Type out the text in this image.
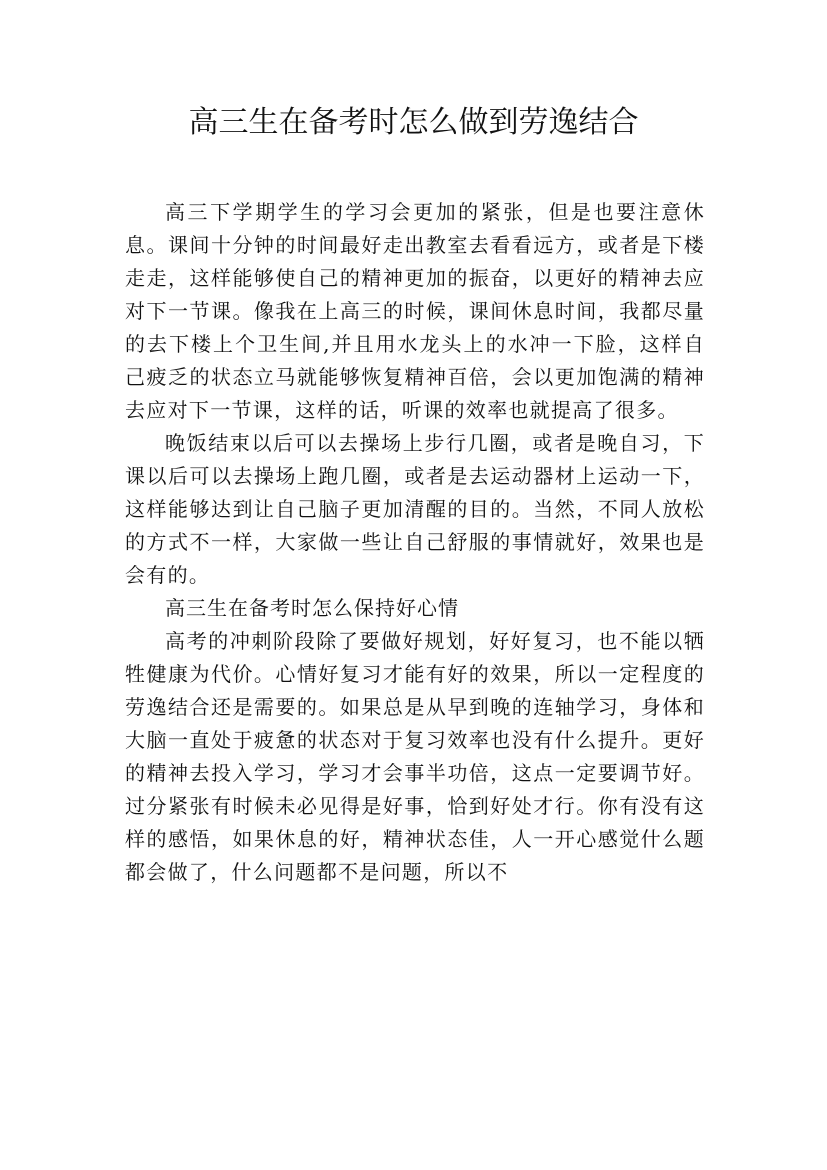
高三生在备考时怎么做到劳逸结合

高三下学期学生的学习会更加的紧张，但是也要注意休息。课间十分钟的时间最好走出教室去看看远方，或者是下楼走走，这样能够使自己的精神更加的振奋，以更好的精神去应对下一节课。像我在上高三的时候，课间休息时间，我都尽量的去下楼上个卫生间,并且用水龙头上的水冲一下脸，这样自己疲乏的状态立马就能够恢复精神百倍，会以更加饱满的精神去应对下一节课，这样的话，听课的效率也就提高了很多。

晚饭结束以后可以去操场上步行几圈，或者是晚自习，下课以后可以去操场上跑几圈，或者是去运动器材上运动一下，这样能够达到让自己脑子更加清醒的目的。当然，不同人放松的方式不一样，大家做一些让自己舒服的事情就好，效果也是会有的。

高三生在备考时怎么保持好心情

高考的冲刺阶段除了要做好规划，好好复习，也不能以牺牲健康为代价。心情好复习才能有好的效果，所以一定程度的劳逸结合还是需要的。如果总是从早到晚的连轴学习，身体和大脑一直处于疲惫的状态对于复习效率也没有什么提升。更好的精神去投入学习，学习才会事半功倍，这点一定要调节好。过分紧张有时候未必见得是好事，恰到好处才行。你有没有这样的感悟，如果休息的好，精神状态佳，人一开心感觉什么题都会做了，什么问题都不是问题，所以不
